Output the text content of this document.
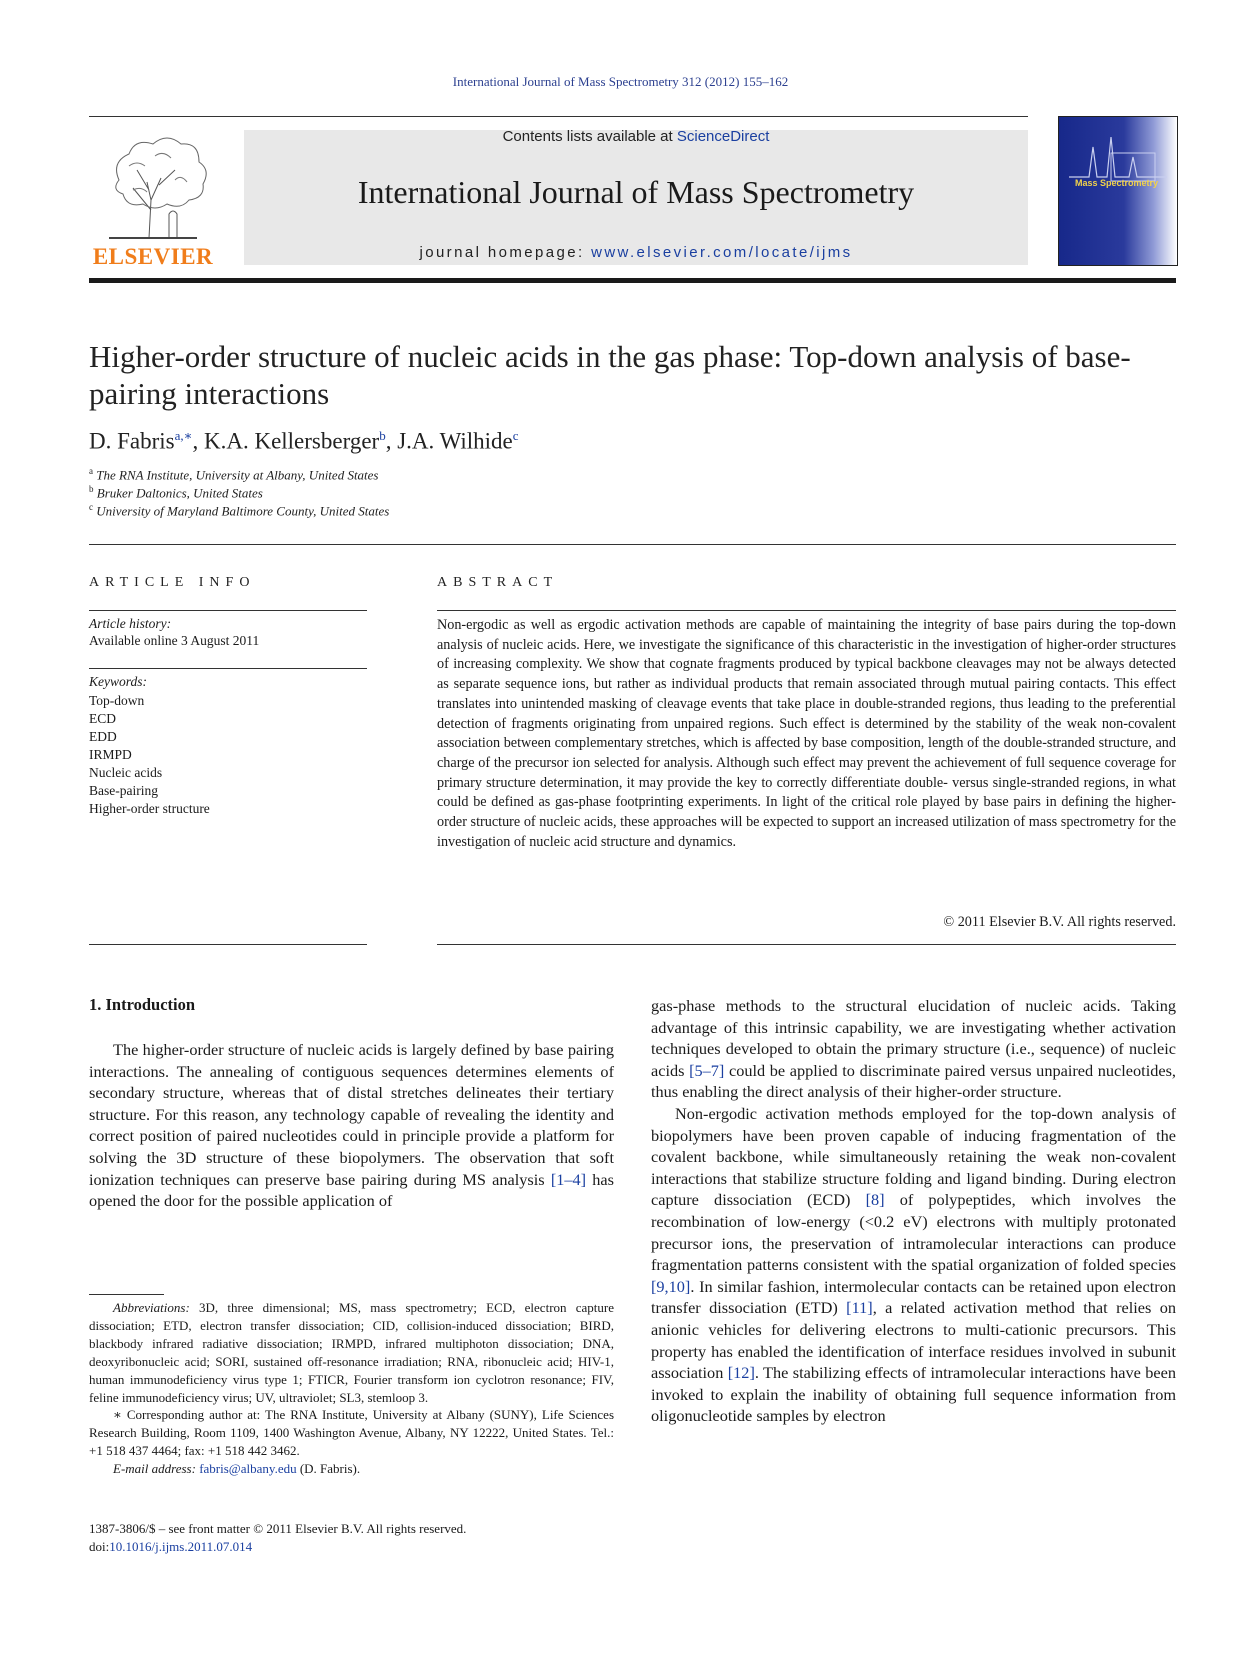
International Journal of Mass Spectrometry 312 (2012) 155–162
ELSEVIER
Contents lists available at ScienceDirect
International Journal of Mass Spectrometry
journal homepage: www.elsevier.com/locate/ijms
Mass Spectrometry
Higher-order structure of nucleic acids in the gas phase: Top-down analysis of base-pairing interactions
D. Fabris$^{a,∗}$, K.A. Kellersberger$^b$, J.A. Wilhide$^c$
$^a$ The RNA Institute, University at Albany, United States
$^b$ Bruker Daltonics, United States
$^c$ University of Maryland Baltimore County, United States
ARTICLE INFO
Article history:
Available online 3 August 2011
Keywords:
Top-down
ECD
EDD
IRMPD
Nucleic acids
Base-pairing
Higher-order structure
ABSTRACT
Non-ergodic as well as ergodic activation methods are capable of maintaining the integrity of base pairs during the top-down analysis of nucleic acids. Here, we investigate the significance of this characteristic in the investigation of higher-order structures of increasing complexity. We show that cognate fragments produced by typical backbone cleavages may not be always detected as separate sequence ions, but rather as individual products that remain associated through mutual pairing contacts. This effect translates into unintended masking of cleavage events that take place in double-stranded regions, thus leading to the preferential detection of fragments originating from unpaired regions. Such effect is determined by the stability of the weak non-covalent association between complementary stretches, which is affected by base composition, length of the double-stranded structure, and charge of the precursor ion selected for analysis. Although such effect may prevent the achievement of full sequence coverage for primary structure determination, it may provide the key to correctly differentiate double- versus single-stranded regions, in what could be defined as gas-phase footprinting experiments. In light of the critical role played by base pairs in defining the higher-order structure of nucleic acids, these approaches will be expected to support an increased utilization of mass spectrometry for the investigation of nucleic acid structure and dynamics.
© 2011 Elsevier B.V. All rights reserved.
1. Introduction

The higher-order structure of nucleic acids is largely defined by base pairing interactions. The annealing of contiguous sequences determines elements of secondary structure, whereas that of distal stretches delineates their tertiary structure. For this reason, any technology capable of revealing the identity and correct position of paired nucleotides could in principle provide a platform for solving the 3D structure of these biopolymers. The observation that soft ionization techniques can preserve base pairing during MS analysis [1–4] has opened the door for the possible application of

gas-phase methods to the structural elucidation of nucleic acids. Taking advantage of this intrinsic capability, we are investigating whether activation techniques developed to obtain the primary structure (i.e., sequence) of nucleic acids [5–7] could be applied to discriminate paired versus unpaired nucleotides, thus enabling the direct analysis of their higher-order structure.

Non-ergodic activation methods employed for the top-down analysis of biopolymers have been proven capable of inducing fragmentation of the covalent backbone, while simultaneously retaining the weak non-covalent interactions that stabilize structure folding and ligand binding. During electron capture dissociation (ECD) [8] of polypeptides, which involves the recombination of low-energy (<0.2 eV) electrons with multiply protonated precursor ions, the preservation of intramolecular interactions can produce fragmentation patterns consistent with the spatial organization of folded species [9,10]. In similar fashion, intermolecular contacts can be retained upon electron transfer dissociation (ETD) [11], a related activation method that relies on anionic vehicles for delivering electrons to multi-cationic precursors. This property has enabled the identification of interface residues involved in subunit association [12]. The stabilizing effects of intramolecular interactions have been invoked to explain the inability of obtaining full sequence information from oligonucleotide samples by electron

Abbreviations: 3D, three dimensional; MS, mass spectrometry; ECD, electron capture dissociation; ETD, electron transfer dissociation; CID, collision-induced dissociation; BIRD, blackbody infrared radiative dissociation; IRMPD, infrared multiphoton dissociation; DNA, deoxyribonucleic acid; SORI, sustained off-resonance irradiation; RNA, ribonucleic acid; HIV-1, human immunodeficiency virus type 1; FTICR, Fourier transform ion cyclotron resonance; FIV, feline immunodeficiency virus; UV, ultraviolet; SL3, stemloop 3.

∗ Corresponding author at: The RNA Institute, University at Albany (SUNY), Life Sciences Research Building, Room 1109, 1400 Washington Avenue, Albany, NY 12222, United States. Tel.: +1 518 437 4464; fax: +1 518 442 3462.

E-mail address: fabris@albany.edu (D. Fabris).

1387-3806/$ – see front matter © 2011 Elsevier B.V. All rights reserved.
doi:10.1016/j.ijms.2011.07.014
